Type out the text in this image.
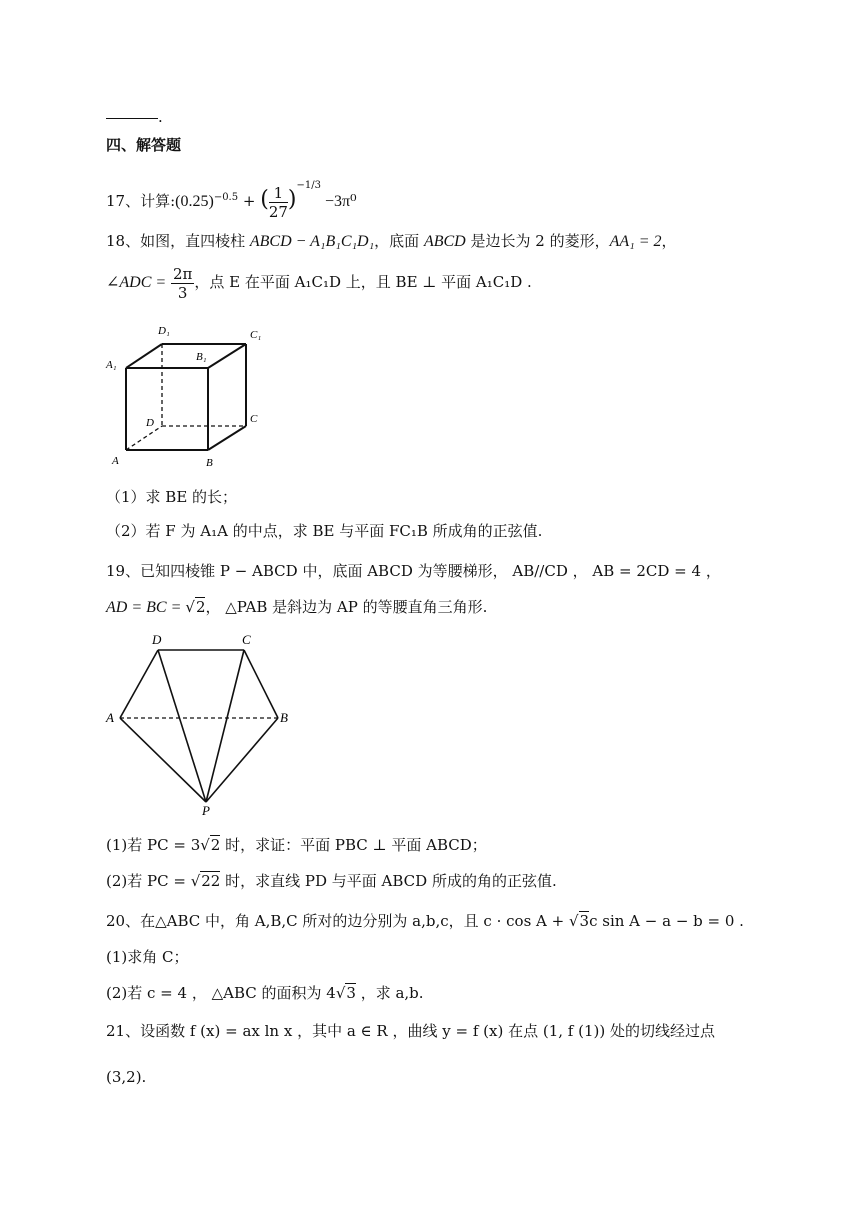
.
四、解答题
17、计算$:(0.25)^{-0.5}$ + ( $\frac{1}{27} )^{-1/3} -3\pi^0$
18、如图，直四棱柱 ABCD − A₁B₁C₁D₁，底面 ABCD 是边长为 2 的菱形，AA₁ = 2，
∠ADC = $\frac{2\pi}{3}$ ，点 E 在平面 A₁C₁D 上，且 BE ⊥ 平面 A₁C₁D .
D₁	C₁
A₁
B₁
D	C
A	B
（1）求 BE 的长；
（2）若 F 为 A₁A 的中点，求 BE 与平面 FC₁B 所成角的正弦值.
19、已知四棱锥 P − ABCD 中，底面 ABCD 为等腰梯形， AB//CD ， AB = 2CD = 4 ，
AD = BC = √2， △PAB 是斜边为 AP 的等腰直角三角形.
D	C
A	B
P
(1)若 PC = 3√2 时，求证：平面 PBC ⊥ 平面 ABCD；
(2)若 PC = √22 时，求直线 PD 与平面 ABCD 所成的角的正弦值.
20、在△ABC 中，角 A,B,C 所对的边分别为 a,b,c，且 c · cos A + √3c sin A − a − b = 0 .
(1)求角 C；
(2)若 c = 4 ， △ABC 的面积为 4√3 ，求 a,b.
21、设函数 f (x) = ax ln x ，其中 a ∈ R ，曲线 y = f (x) 在点 (1, f (1)) 处的切线经过点
(3,2).
